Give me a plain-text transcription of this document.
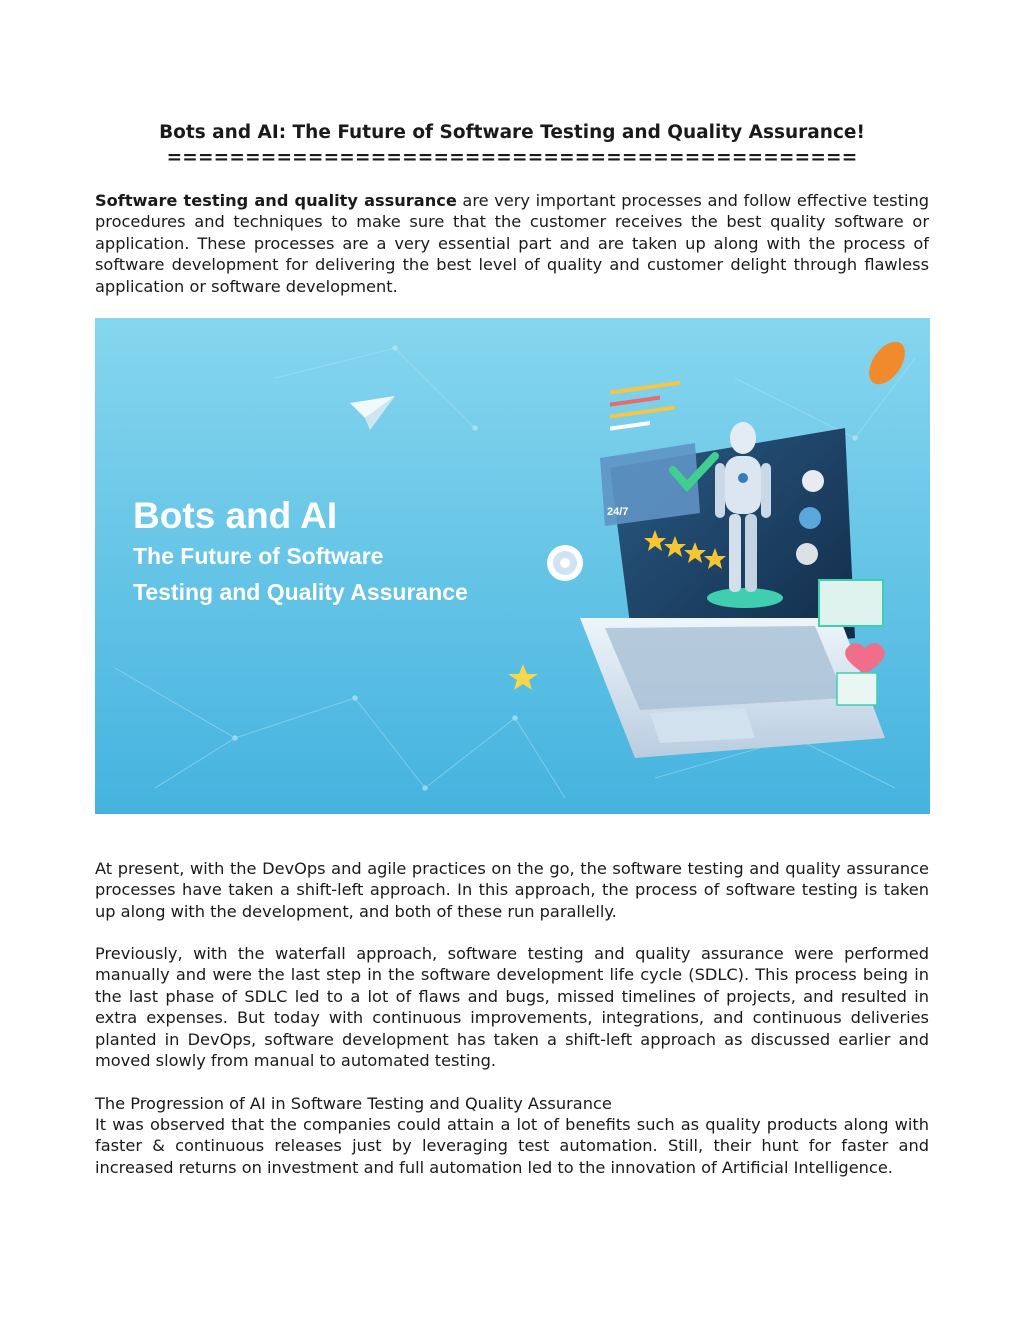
Bots and AI: The Future of Software Testing and Quality Assurance!
============================================

Software testing and quality assurance are very important processes and follow effective testing procedures and techniques to make sure that the customer receives the best quality software or application. These processes are a very essential part and are taken up along with the process of software development for delivering the best level of quality and customer delight through flawless application or software development.

Bots and AI
The Future of Software
Testing and Quality Assurance
24/7

At present, with the DevOps and agile practices on the go, the software testing and quality assurance processes have taken a shift-left approach. In this approach, the process of software testing is taken up along with the development, and both of these run parallelly.

Previously, with the waterfall approach, software testing and quality assurance were performed manually and were the last step in the software development life cycle (SDLC). This process being in the last phase of SDLC led to a lot of flaws and bugs, missed timelines of projects, and resulted in extra expenses. But today with continuous improvements, integrations, and continuous deliveries planted in DevOps, software development has taken a shift-left approach as discussed earlier and moved slowly from manual to automated testing.

The Progression of AI in Software Testing and Quality Assurance

It was observed that the companies could attain a lot of benefits such as quality products along with faster & continuous releases just by leveraging test automation. Still, their hunt for faster and increased returns on investment and full automation led to the innovation of Artificial Intelligence.
